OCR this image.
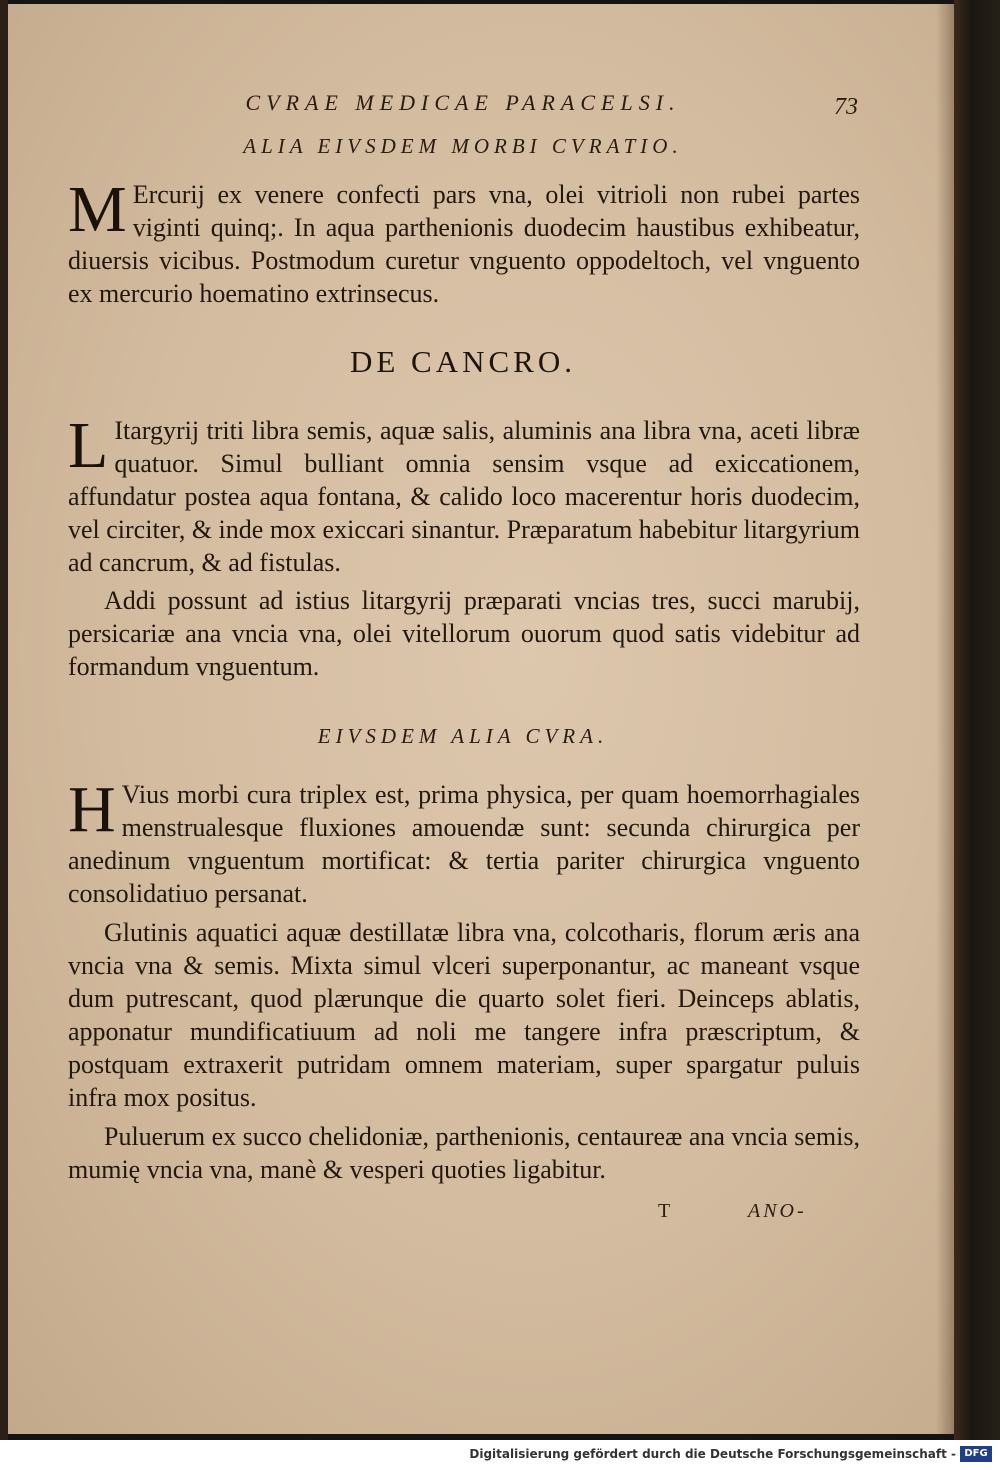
CVRAE MEDICAE PARACELSI.	73
ALIA EIVSDEM MORBI CVRATIO.

M Ercurij ex venere confecti pars vna, olei vitrioli non rubei partes viginti quinq;. In aqua parthenionis duodecim haustibus exhibeatur, diuersis vicibus. Postmodum curetur vnguento oppodeltoch, vel vnguento ex mercurio hoematino extrinsecus.

DE CANCRO.

L Itargyrij triti libra semis, aquæ salis, aluminis ana libra vna, aceti libræ quatuor. Simul bulliant omnia sensim vsque ad exiccationem, affundatur postea aqua fontana, & calido loco macerentur horis duodecim, vel circiter, & inde mox exiccari sinantur. Præparatum habebitur litargyrium ad cancrum, & ad fistulas.

Addi possunt ad istius litargyrij præparati vncias tres, succi marubij, persicariæ ana vncia vna, olei vitellorum ouorum quod satis videbitur ad formandum vnguentum.

EIVSDEM ALIA CVRA.

H Vius morbi cura triplex est, prima physica, per quam hoemorrhagiales menstrualesque fluxiones amouendæ sunt: secunda chirurgica per anedinum vnguentum mortificat: & tertia pariter chirurgica vnguento consolidatiuo persanat.

Glutinis aquatici aquæ destillatæ libra vna, colcotharis, florum æris ana vncia vna & semis. Mixta simul vlceri superponantur, ac maneant vsque dum putrescant, quod plærunque die quarto solet fieri. Deinceps ablatis, apponatur mundificatiuum ad noli me tangere infra præscriptum, & postquam extraxerit putridam omnem materiam, super spargatur puluis infra mox positus.

Puluerum ex succo chelidoniæ, parthenionis, centaureæ ana vncia semis, mumię vncia vna, manè & vesperi quoties ligabitur.

T	ANO-
Digitalisierung gefördert durch die Deutsche Forschungsgemeinschaft - DFG
